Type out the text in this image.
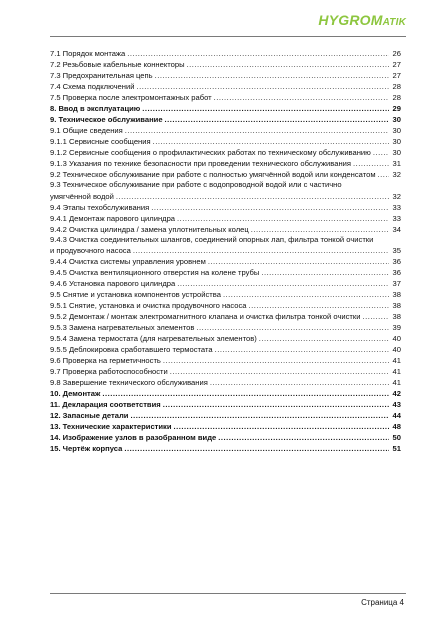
HYGROMATIK
7.1 Порядок монтажа .....	26
7.2 Резьбовые кабельные коннекторы .....	27
7.3 Предохранительная цепь .....	27
7.4 Схема подключений .....	28
7.5 Проверка после электромонтажных работ .....	28
8. Ввод в эксплуатацию .....	29
9. Техническое обслуживание .....	30
9.1 Общие сведения .....	30
9.1.1 Сервисные сообщения .....	30
9.1.2 Сервисные сообщения о профилактических работах по техническому обслуживанию .....	30
9.1.3 Указания по технике безопасности при проведении технического обслуживания .....	31
9.2 Техническое обслуживание при работе с полностью умягчённой водой или конденсатом ..... 32
9.3 Техническое обслуживание при работе с водопроводной водой или с частично
умягчённой водой .....	32
9.4 Этапы техобслуживания .....	33
9.4.1 Демонтаж парового цилиндра .....	33
9.4.2 Очистка цилиндра / замена уплотнительных колец .....	34
9.4.3 Очистка соединительных шлангов, соединений опорных лап, фильтра тонкой очистки
и продувочного насоса .....	35
9.4.4 Очистка системы управления уровнем .....	36
9.4.5 Очистка вентиляционного отверстия на колене трубы .....	36
9.4.6 Установка парового цилиндра .....	37
9.5 Снятие и установка компонентов устройства .....	38
9.5.1 Снятие, установка и очистка продувочного насоса .....	38
9.5.2 Демонтаж / монтаж электромагнитного клапана и очистка фильтра тонкой очистки .....	38
9.5.3 Замена нагревательных элементов .....	39
9.5.4 Замена термостата (для нагревательных элементов) .....	40
9.5.5 Деблокировка сработавшего термостата .....	40
9.6 Проверка на герметичность .....	41
9.7 Проверка работоспособности .....	41
9.8 Завершение технического обслуживания .....	41
10. Демонтаж .....	42
11. Декларация соответствия .....	43
12. Запасные детали .....	44
13. Технические характеристики .....	48
14. Изображение узлов в разобранном виде .....	50
15. Чертёж корпуса .....	51
Страница 4
